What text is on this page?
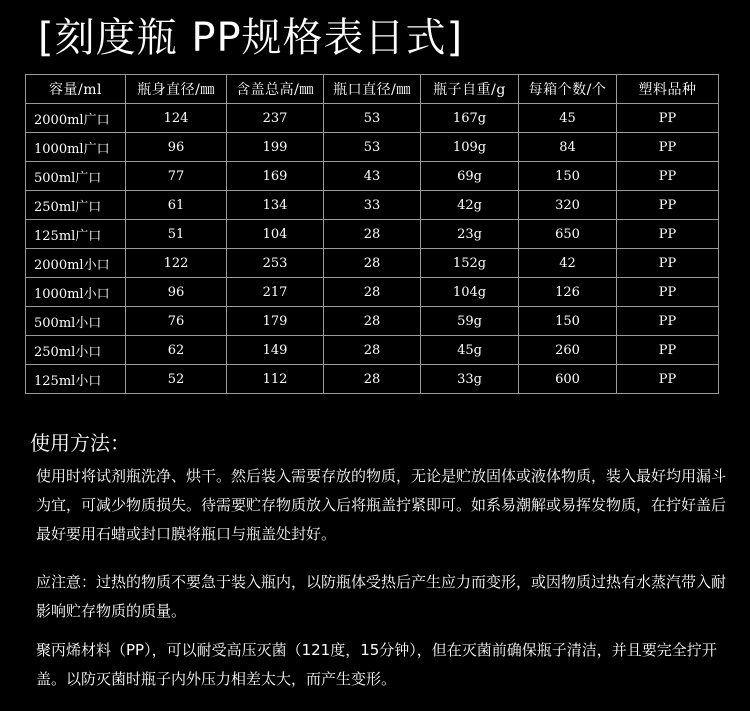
[刻度瓶 PP规格表日式]
容量/ml	瓶身直径/㎜	含盖总高/㎜	瓶口直径/㎜	瓶子自重/g	每箱个数/个	塑料品种
2000ml广口	124	237	53	167g	45	PP
1000ml广口	96	199	53	109g	84	PP
500ml广口	77	169	43	69g	150	PP
250ml广口	61	134	33	42g	320	PP
125ml广口	51	104	28	23g	650	PP
2000ml小口	122	253	28	152g	42	PP
1000ml小口	96	217	28	104g	126	PP
500ml小口	76	179	28	59g	150	PP
250ml小口	62	149	28	45g	260	PP
125ml小口	52	112	28	33g	600	PP
使用方法：

使用时将试剂瓶洗净、烘干。然后装入需要存放的物质，无论是贮放固体或液体物质，装入最好均用漏斗为宜，可减少物质损失。待需要贮存物质放入后将瓶盖拧紧即可。如系易潮解或易挥发物质，在拧好盖后最好要用石蜡或封口膜将瓶口与瓶盖处封好。

应注意：过热的物质不要急于装入瓶内，以防瓶体受热后产生应力而变形，或因物质过热有水蒸汽带入耐影响贮存物质的质量。

聚丙烯材料（PP），可以耐受高压灭菌（121度，15分钟），但在灭菌前确保瓶子清洁，并且要完全拧开盖。以防灭菌时瓶子内外压力相差太大，而产生变形。
